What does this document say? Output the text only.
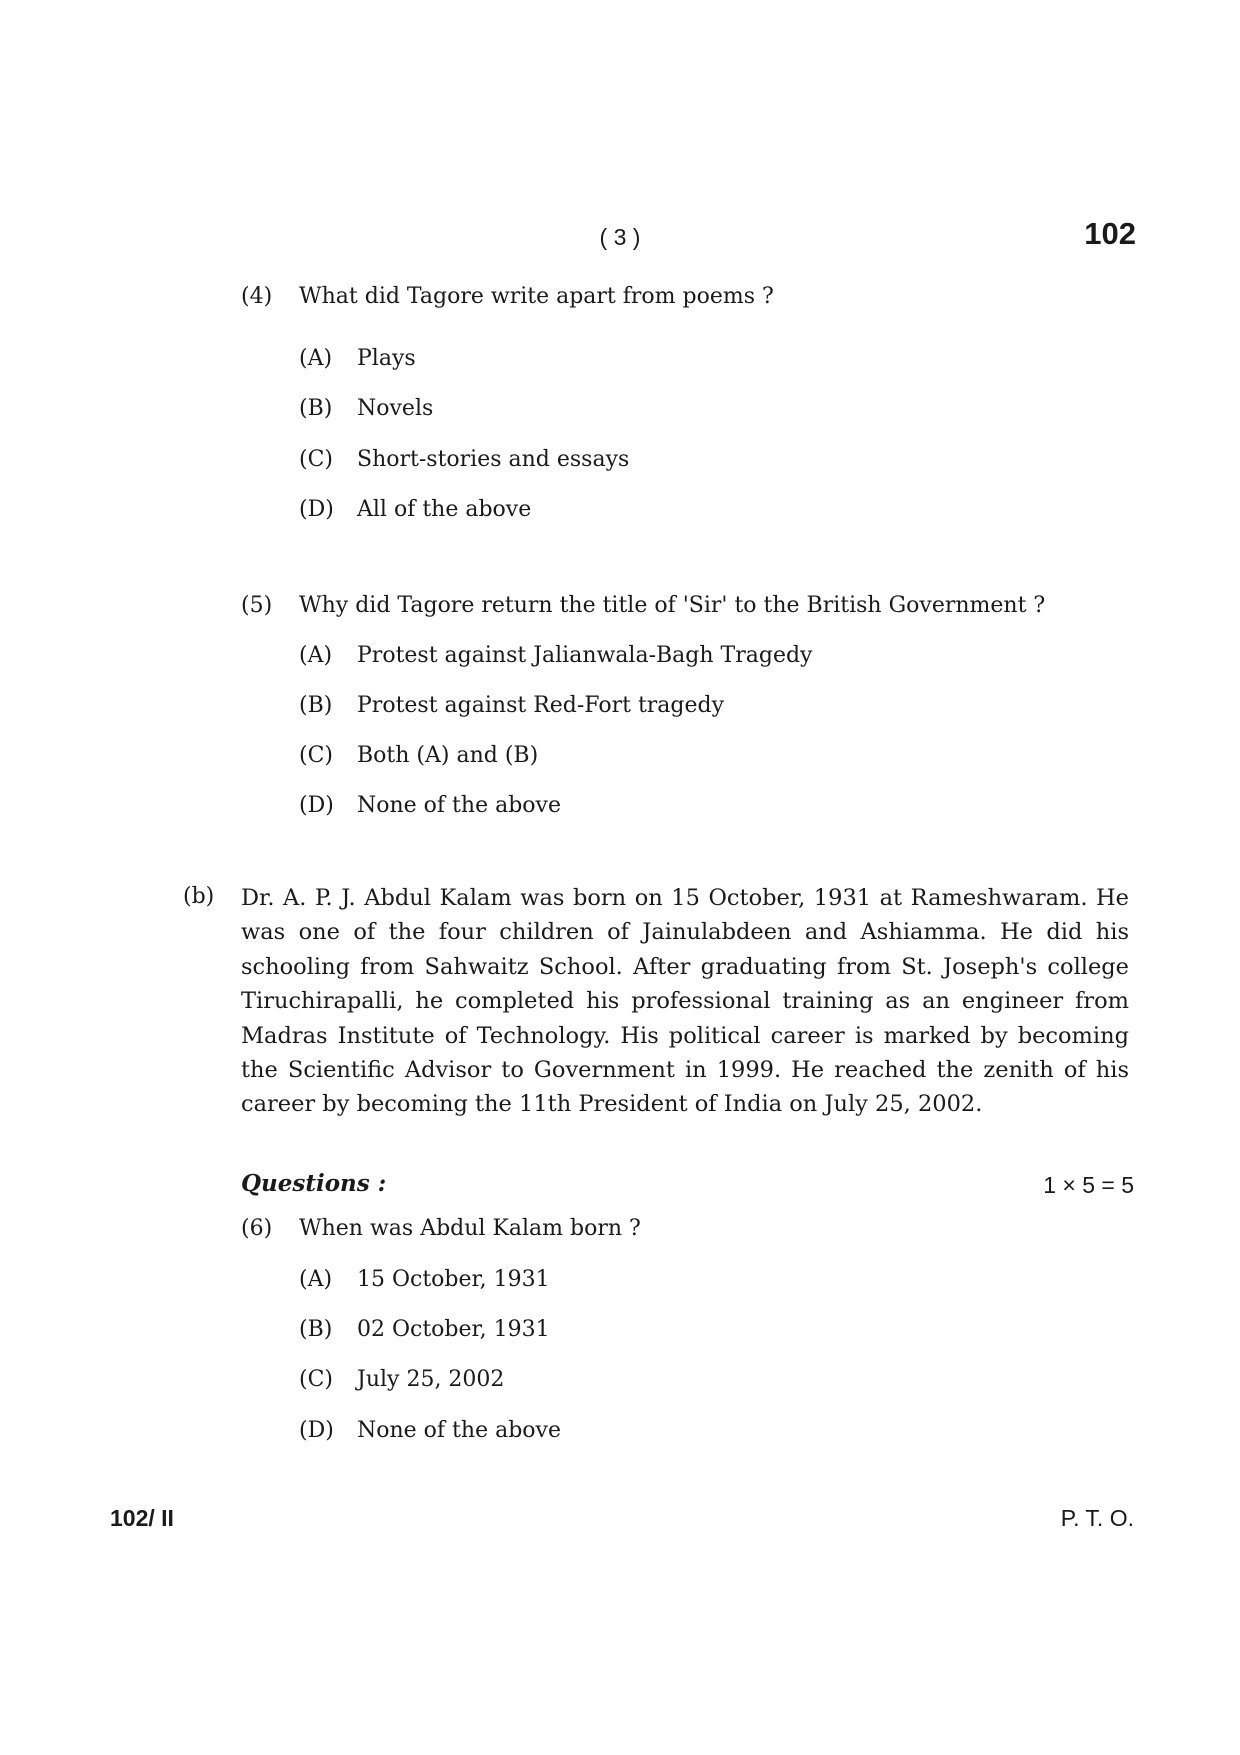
( 3 )	102
(4) What did Tagore write apart from poems ?
(A) Plays
(B) Novels
(C) Short-stories and essays
(D) All of the above
(5) Why did Tagore return the title of 'Sir' to the British Government ?
(A) Protest against Jalianwala-Bagh Tragedy
(B) Protest against Red-Fort tragedy
(C) Both (A) and (B)
(D) None of the above
(b) Dr. A. P. J. Abdul Kalam was born on 15 October, 1931 at Rameshwaram. He was one of the four children of Jainulabdeen and Ashiamma. He did his schooling from Sahwaitz School. After graduating from St. Joseph's college Tiruchirapalli, he completed his professional training as an engineer from Madras Institute of Technology. His political career is marked by becoming the Scientific Advisor to Government in 1999. He reached the zenith of his career by becoming the 11th President of India on July 25, 2002.
Questions :	1 × 5 = 5
(6) When was Abdul Kalam born ?
(A) 15 October, 1931
(B) 02 October, 1931
(C) July 25, 2002
(D) None of the above
102/ II	P. T. O.
